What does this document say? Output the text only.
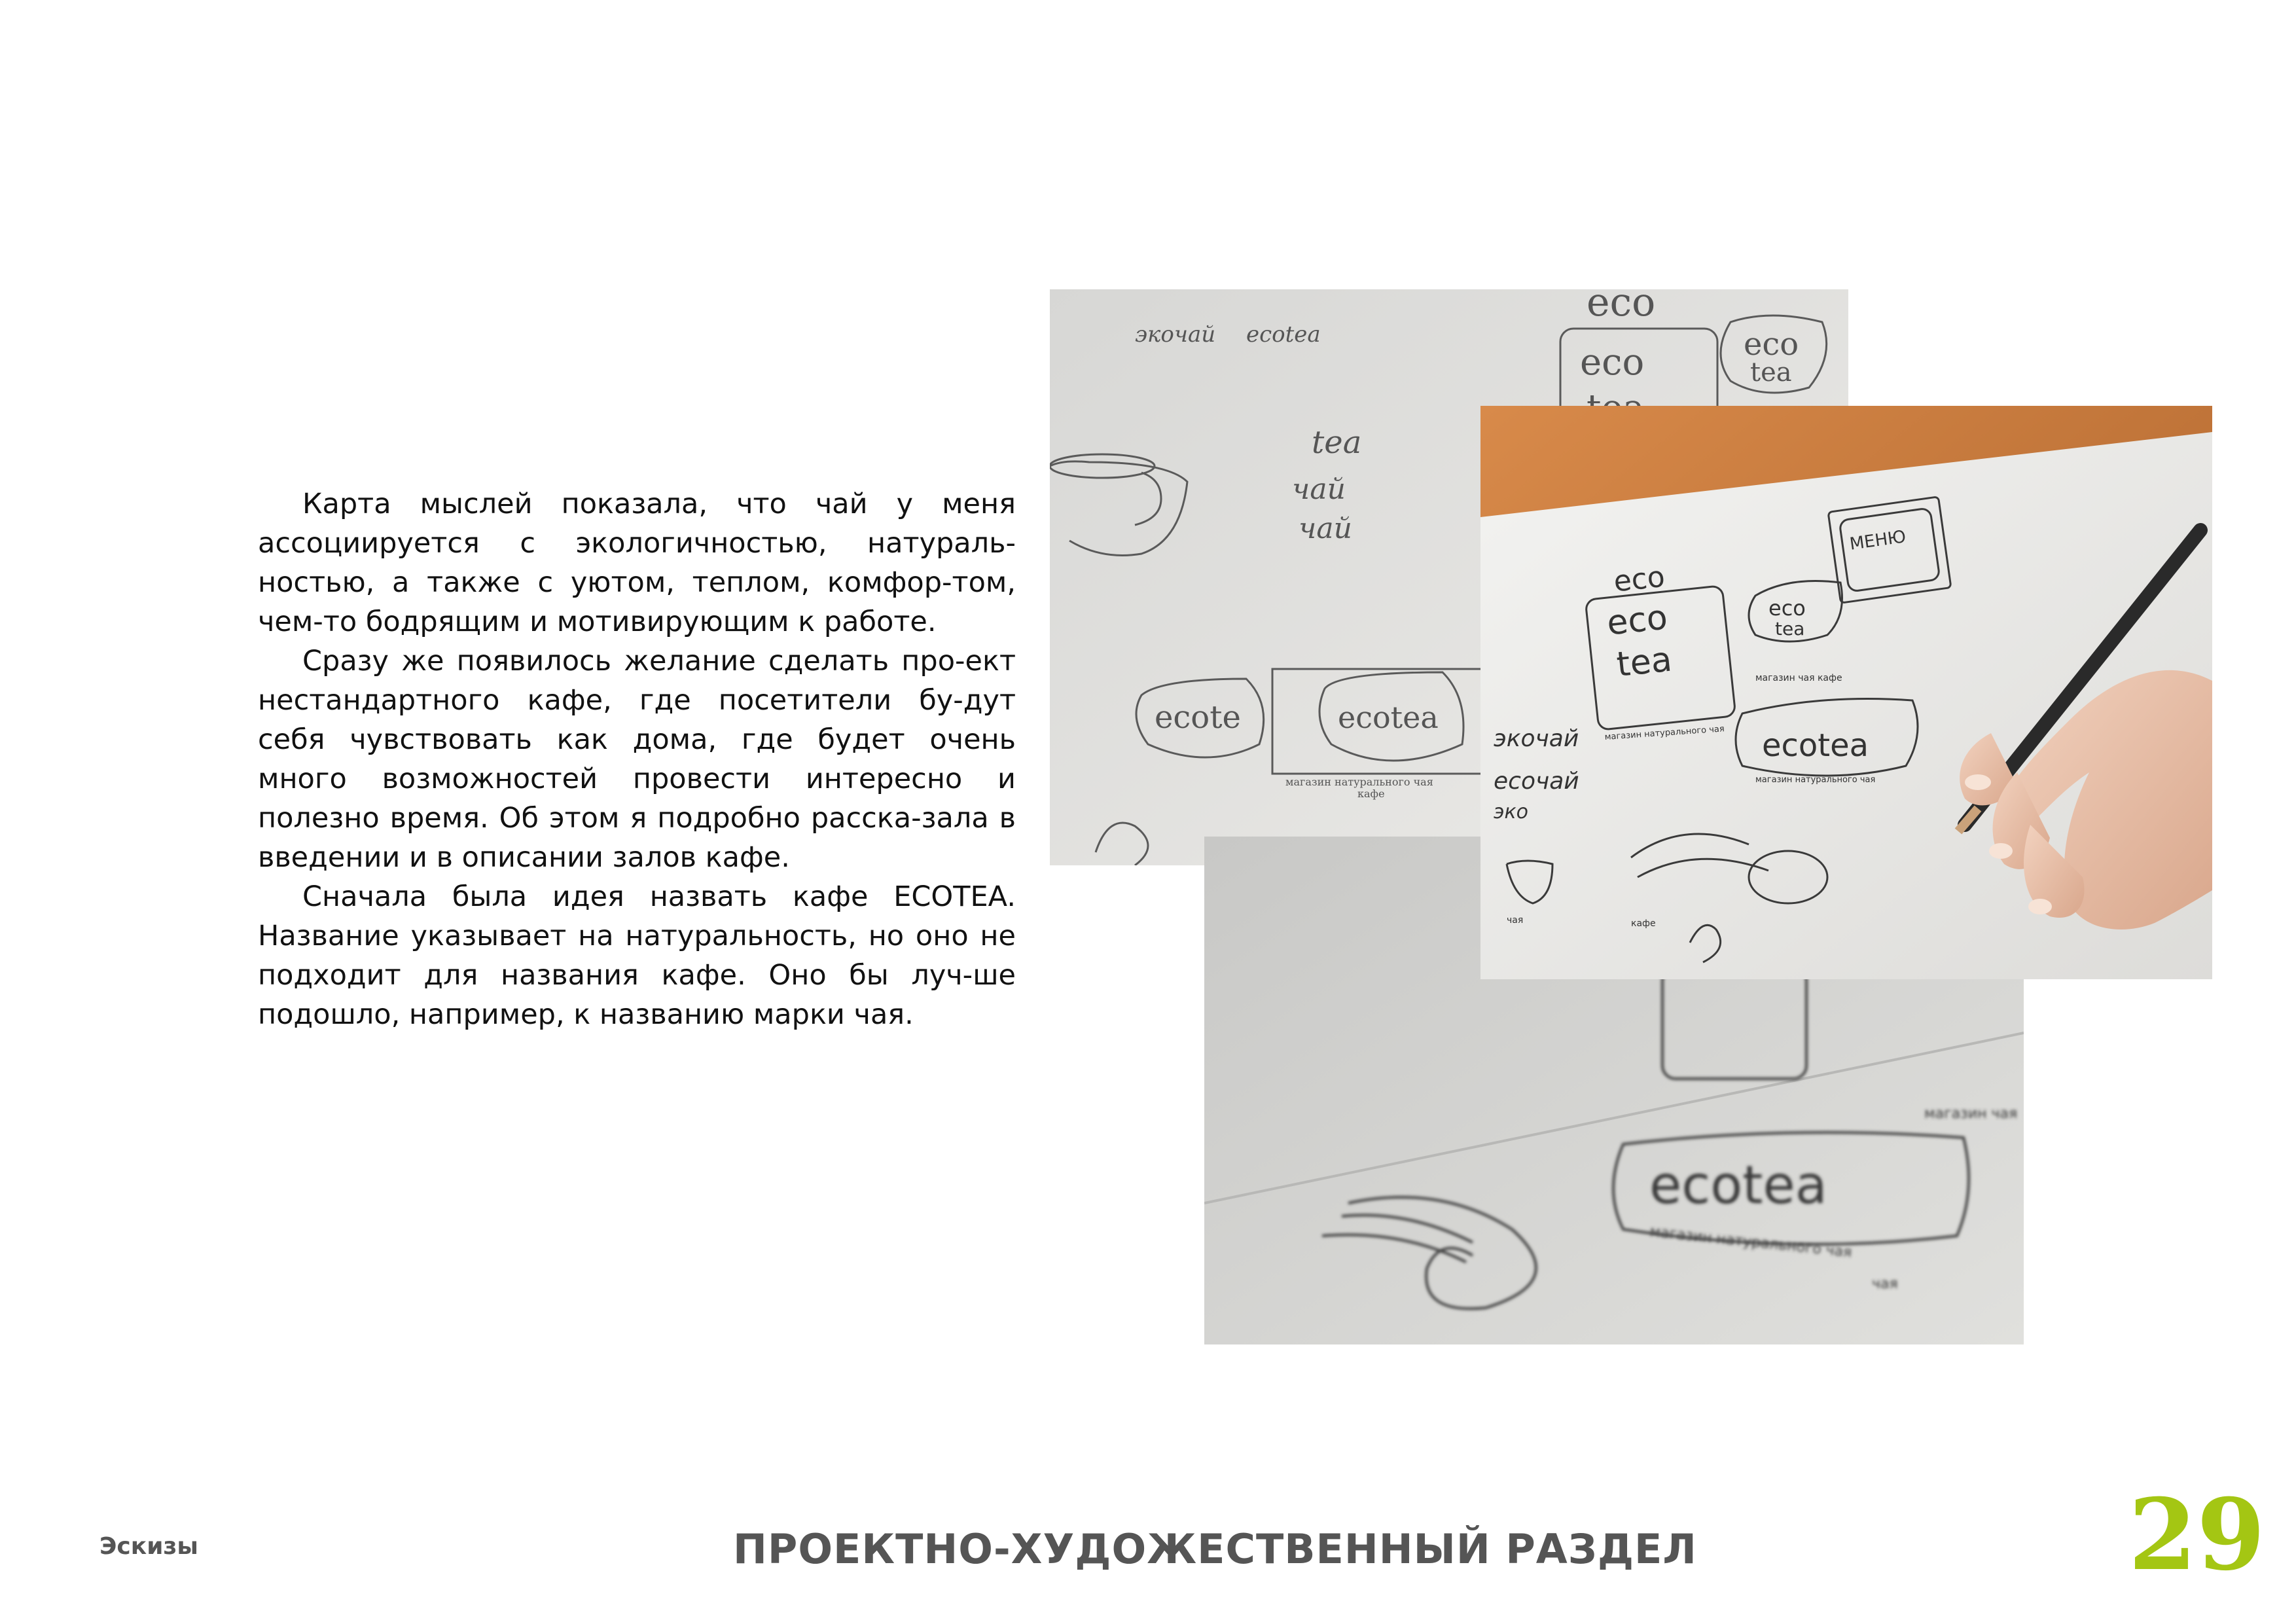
Карта мыслей показала, что чай у меня ассоциируется с экологичностью, натураль-ностью, а также с уютом, теплом, комфор-том, чем-то бодрящим и мотивирующим к работе.

Сразу же появилось желание сделать про-ект нестандартного кафе, где посетители бу-дут себя чувствовать как дома, где будет очень много возможностей провести интересно и полезно время. Об этом я подробно расска-зала в введении и в описании залов кафе.

Сначала была идея назвать кафе ECOTEA. Название указывает на натуральность, но оно не подходит для названия кафе. Оно бы луч-ше подошло, например, к названию марки чая.

экочай ecotea
eco
eco	eco
tea
tea
чай
чай
магазин натурального чая
кафе
ecote	ecotea
ecotea
магазин натурального чая
чая
магазин чая
МЕНЮ
eco
eco
tea
eco
tea
магазин чая кафе
магазин натурального чая ecotea
экочай
ecoчай
эко
магазин натурального чая
кафе
чая
Эскизы	ПРОЕКТНО-ХУДОЖЕСТВЕННЫЙ РАЗДЕЛ	29
